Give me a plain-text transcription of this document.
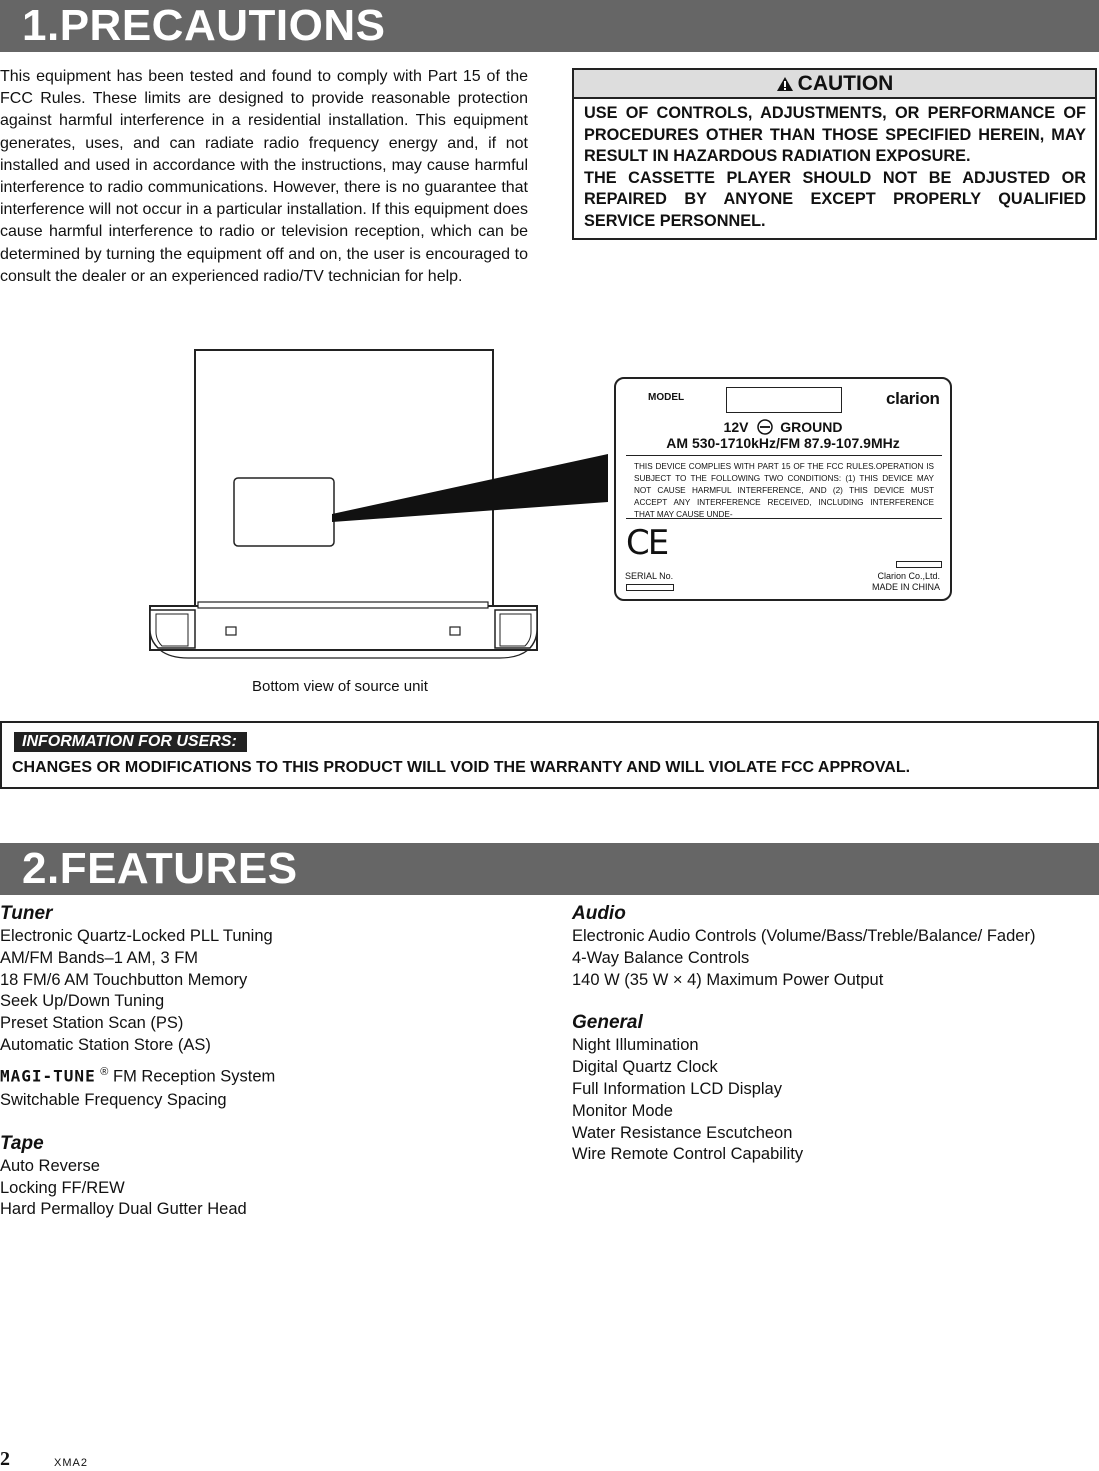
1.PRECAUTIONS

This equipment has been tested and found to comply with Part 15 of the FCC Rules. These limits are designed to provide reasonable protection against harmful interference in a residential installation. This equipment generates, uses, and can radiate radio frequency energy and, if not installed and used in accordance with the instructions, may cause harmful interference to radio communications. However, there is no guarantee that interference will not occur in a particular installation. If this equipment does cause harmful interference to radio or television reception, which can be determined by turning the equipment off and on, the user is encouraged to consult the dealer or an experienced radio/TV technician for help.

CAUTION

USE OF CONTROLS, ADJUSTMENTS, OR PERFORMANCE OF PROCEDURES OTHER THAN THOSE SPECIFIED HEREIN, MAY RESULT IN HAZARDOUS RADIATION EXPOSURE.

THE CASSETTE PLAYER SHOULD NOT BE ADJUSTED OR REPAIRED BY ANYONE EXCEPT PROPERLY QUALIFIED SERVICE PERSONNEL.

MODEL	clarion
12V GROUND
AM 530-1710kHz/FM 87.9-107.9MHz
THIS DEVICE COMPLIES WITH PART 15 OF THE FCC RULES.OPERATION IS SUBJECT TO THE FOLLOWING TWO CONDITIONS: (1) THIS DEVICE MAY NOT CAUSE HARMFUL INTERFERENCE, AND (2) THIS DEVICE MUST ACCEPT ANY INTERFERENCE RECEIVED, INCLUDING INTERFERENCE THAT MAY CAUSE UNDE-
CE
SERIAL No.	Clarion Co.,Ltd.
MADE IN CHINA
Bottom view of source unit
INFORMATION FOR USERS:
CHANGES OR MODIFICATIONS TO THIS PRODUCT WILL VOID THE WARRANTY AND WILL VIOLATE FCC APPROVAL.
2.FEATURES
Tuner
Electronic Quartz-Locked PLL Tuning
AM/FM Bands–1 AM, 3 FM
18 FM/6 AM Touchbutton Memory
Seek Up/Down Tuning
Preset Station Scan (PS)
Automatic Station Store (AS)
MAGI-TUNE ® FM Reception System
Switchable Frequency Spacing
Tape
Auto Reverse
Locking FF/REW
Hard Permalloy Dual Gutter Head
Audio
Electronic Audio Controls (Volume/Bass/Treble/Balance/ Fader)
4-Way Balance Controls
140 W (35 W × 4) Maximum Power Output
General
Night Illumination
Digital Quartz Clock
Full Information LCD Display
Monitor Mode
Water Resistance Escutcheon
Wire Remote Control Capability
2	XMA2
